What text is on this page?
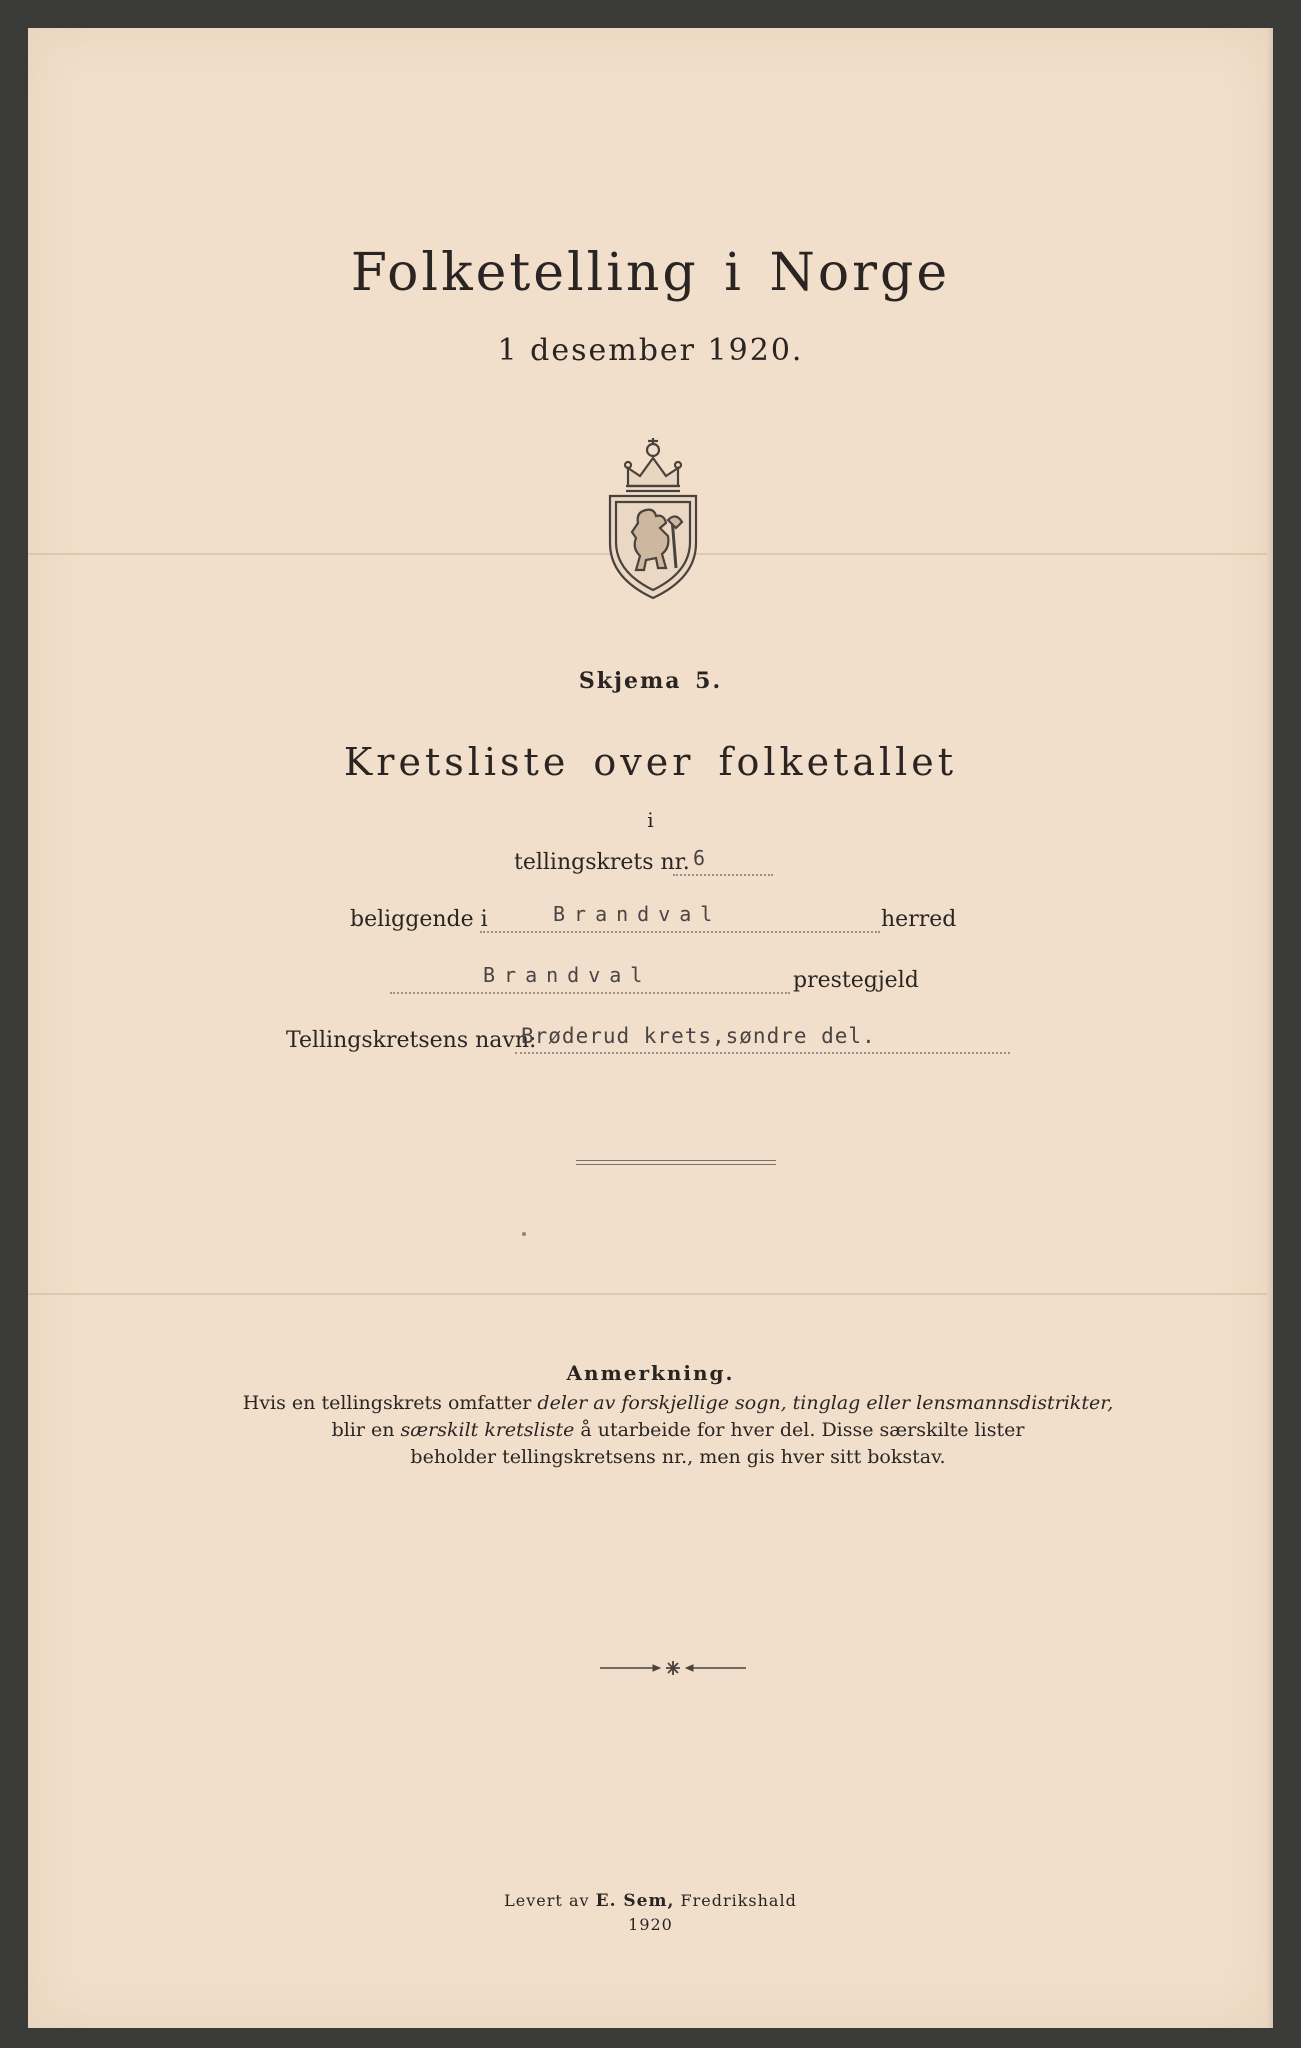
Folketelling i Norge
1 desember 1920.
Skjema 5.
Kretsliste over folketallet
i
tellingskrets nr. 6
beliggende i	Brandval	herred
Brandval	prestegjeld
Tellingskretsens navn:
Brøderud krets,søndre del.
Anmerkning.
Hvis en tellingskrets omfatter deler av forskjellige sogn, tinglag eller lensmannsdistrikter,
blir en særskilt kretsliste å utarbeide for hver del. Disse særskilte lister
beholder tellingskretsens nr., men gis hver sitt bokstav.
Levert av E. Sem, Fredrikshald
1920
